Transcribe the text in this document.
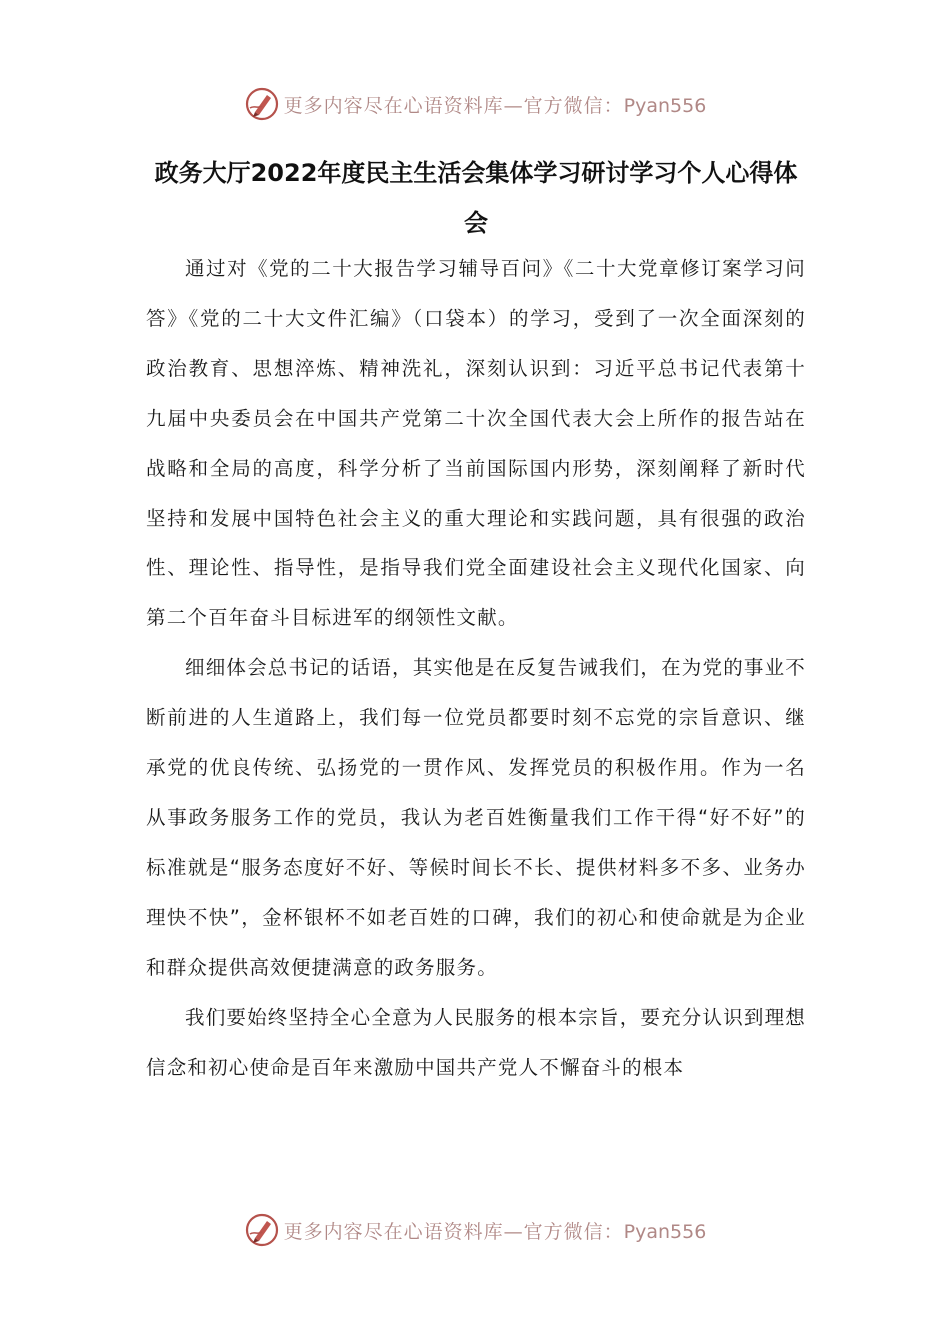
更多内容尽在心语资料库—官方微信：Pyan556
政务大厅2022年度民主生活会集体学习研讨学习个人心得体会

通过对《党的二十大报告学习辅导百问》《二十大党章修订案学习问答》《党的二十大文件汇编》（口袋本）的学习，受到了一次全面深刻的政治教育、思想淬炼、精神洗礼，深刻认识到：习近平总书记代表第十九届中央委员会在中国共产党第二十次全国代表大会上所作的报告站在战略和全局的高度，科学分析了当前国际国内形势，深刻阐释了新时代坚持和发展中国特色社会主义的重大理论和实践问题，具有很强的政治性、理论性、指导性，是指导我们党全面建设社会主义现代化国家、向第二个百年奋斗目标进军的纲领性文献。

细细体会总书记的话语，其实他是在反复告诫我们，在为党的事业不断前进的人生道路上，我们每一位党员都要时刻不忘党的宗旨意识、继承党的优良传统、弘扬党的一贯作风、发挥党员的积极作用。作为一名从事政务服务工作的党员，我认为老百姓衡量我们工作干得“好不好”的标准就是“服务态度好不好、等候时间长不长、提供材料多不多、业务办理快不快”，金杯银杯不如老百姓的口碑，我们的初心和使命就是为企业和群众提供高效便捷满意的政务服务。

我们要始终坚持全心全意为人民服务的根本宗旨，要充分认识到理想信念和初心使命是百年来激励中国共产党人不懈奋斗的根本

更多内容尽在心语资料库—官方微信：Pyan556
